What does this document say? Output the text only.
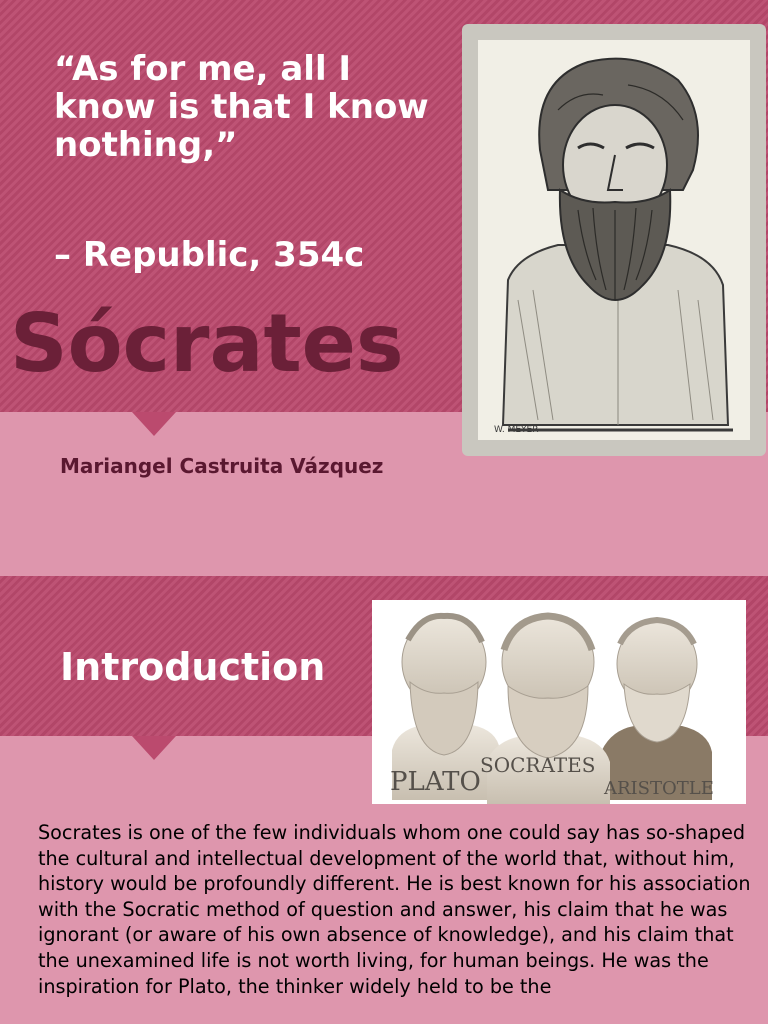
“As for me, all I know is that I know nothing,”
– Republic, 354c
Sócrates
Mariangel Castruita Vázquez
W. MEYER
Introduction
PLATO
SOCRATES
ARISTOTLE
Socrates is one of the few individuals whom one could say has so-shaped the cultural and intellectual development of the world that, without him, history would be profoundly different. He is best known for his association with the Socratic method of question and answer, his claim that he was ignorant (or aware of his own absence of knowledge), and his claim that the unexamined life is not worth living, for human beings. He was the inspiration for Plato, the thinker widely held to be the
